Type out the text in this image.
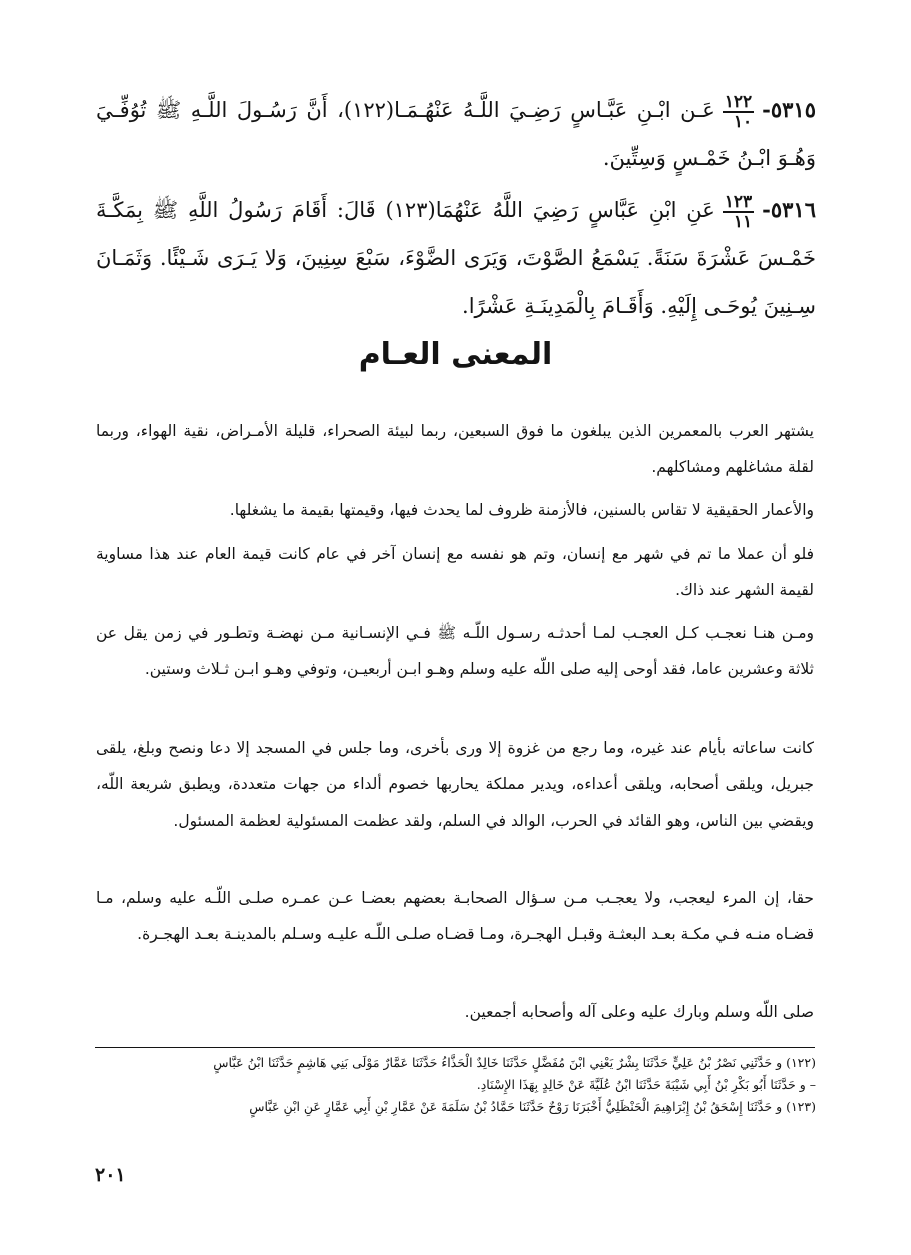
٥٣١٥-
$\frac{١٢٢}{١٠}$
عَـن ابْـنِ عَبَّـاسٍ رَضِـيَ اللَّـهُ عَنْهُـمَـا(١٢٢)، أَنَّ رَسُـولَ اللَّـهِ ﷺ تُوُفِّـيَ وَهُـوَ ابْـنُ خَمْـسٍ وَسِتِّينَ.
٥٣١٦-
$\frac{١٢٣}{١١}$
عَنِ ابْنِ عَبَّاسٍ رَضِيَ اللَّهُ عَنْهُمَا(١٢٣) قَالَ: أَقَامَ رَسُولُ اللَّهِ ﷺ بِمَكَّـةَ خَمْـسَ عَشْرَةَ سَنَةً. يَسْمَعُ الصَّوْتَ، وَيَرَى الضَّوْءَ، سَبْعَ سِنِينَ، وَلا يَـرَى شَـيْئًا. وَثَمَـانَ سِـنِينَ يُوحَـى إِلَيْهِ. وَأَقَـامَ بِالْمَدِينَـةِ عَشْرًا.
المعنى العـام

يشتهر العرب بالمعمرين الذين يبلغون ما فوق السبعين، ربما لبيئة الصحراء، قليلة الأمـراض، نقية الهواء، وربما لقلة مشاغلهم ومشاكلهم.

والأعمار الحقيقية لا تقاس بالسنين، فالأزمنة ظروف لما يحدث فيها، وقيمتها بقيمة ما يشغلها.

فلو أن عملا ما تم في شهر مع إنسان، وتم هو نفسه مع إنسان آخر في عام كانت قيمة العام عند هذا مساوية لقيمة الشهر عند ذاك.

ومـن هنـا نعجـب كـل العجـب لمـا أحدثـه رسـول اللّـه ﷺ فـي الإنسـانية مـن نهضـة وتطـور في زمن يقل عن ثلاثة وعشرين عاما، فقد أوحى إليه صلى اللّه عليه وسلم وهـو ابـن أربعيـن، وتوفي وهـو ابـن ثـلاث وستين.

كانت ساعاته بأيام عند غيره، وما رجع من غزوة إلا ورى بأخرى، وما جلس في المسجد إلا دعا ونصح وبلغ، يلقى جبريل، ويلقى أصحابه، ويلقى أعداءه، ويدير مملكة يحاربها خصوم ألداء من جهات متعددة، ويطبق شريعة اللّه، ويقضي بين الناس، وهو القائد في الحرب، الوالد في السلم، ولقد عظمت المسئولية لعظمة المسئول.

حقا، إن المرء ليعجب، ولا يعجـب مـن سـؤال الصحابـة بعضهم بعضـا عـن عمـره صلـى اللّـه عليه وسلم، مـا قضـاه منـه فـي مكـة بعـد البعثـة وقبـل الهجـرة، ومـا قضـاه صلـى اللّـه عليـه وسـلم بالمدينـة بعـد الهجـرة.

صلى اللّه وسلم وبارك عليه وعلى آله وأصحابه أجمعين.

(١٢٢) و حَدَّثَنِي نَصْرُ بْنُ عَلِيٍّ حَدَّثَنَا بِشْرٌ يَعْنِي ابْنَ مُفَضَّلٍ حَدَّثَنَا خَالِدٌ الْحَذَّاءُ حَدَّثَنَا عَمَّارٌ مَوْلَى بَنِي هَاشِمٍ حَدَّثَنَا ابْنُ عَبَّاسٍ
– و حَدَّثَنَا أَبُو بَكْرِ بْنُ أَبِي شَيْبَةَ حَدَّثَنَا ابْنُ عُلَيَّةَ عَنْ خَالِدٍ بِهَذَا الإِسْنَادِ.
(١٢٣) و حَدَّثَنَا إِسْحَقُ بْنُ إِبْرَاهِيمَ الْحَنْظَلِيُّ أَخْبَرَنَا رَوْحٌ حَدَّثَنَا حَمَّادُ بْنُ سَلَمَةَ عَنْ عَمَّارِ بْنِ أَبِي عَمَّارٍ عَنِ ابْنِ عَبَّاسٍ
٢٠١
